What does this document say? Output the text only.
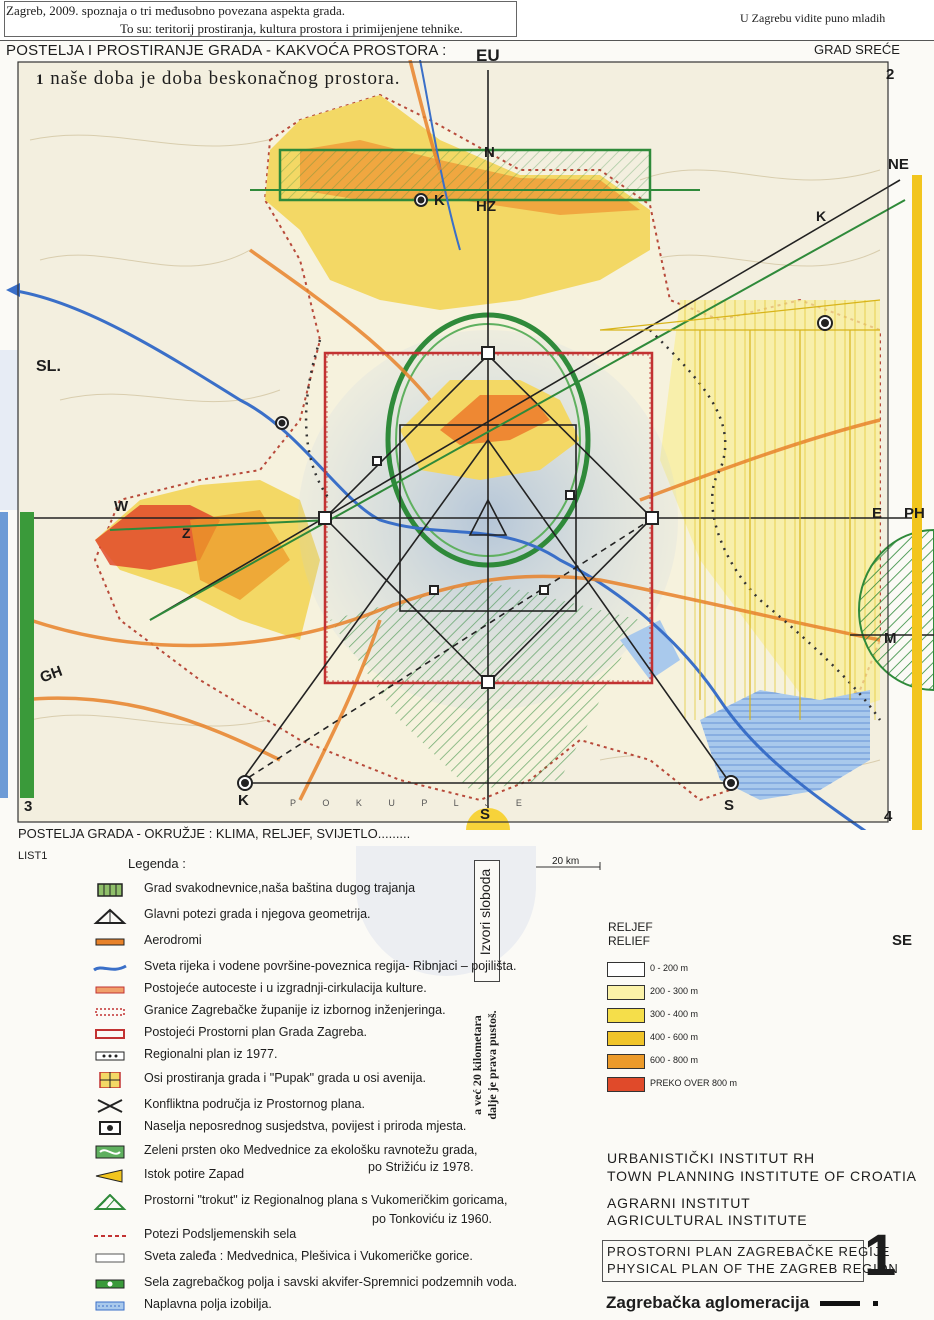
Zagreb, 2009. spoznaja o tri međusobno povezana aspekta grada.
To su: teritorij prostiranja, kultura prostora i primijenjene tehnike.
U Zagrebu vidite puno mladih
POSTELJA I PROSTIRANJE GRADA - KAKVOĆA PROSTORA :	GRAD SREĆE
1 naše doba je doba beskonačnog prostora.	2
3
4
EU
N
K HZ
NE
K
SL.
W
Z
E PH
M
GH
K
S
S
SE
P O K U P L J E
POSTELJA GRADA - OKRUŽJE : KLIMA, RELJEF, SVIJETLO.........
LIST1	20 km
Izvori sloboda
a već 20 kilometara dalje je prava pustoš.
Legenda :
Grad svakodnevnice,naša baština dugog trajanja
Glavni potezi grada i njegova geometrija.
Aerodromi
Sveta rijeka i vodene površine-poveznica regija- Ribnjaci – pojilišta.
Postojeće autoceste i u izgradnji-cirkulacija kulture.
Granice Zagrebačke županije iz izbornog inženjeringa.
Postojeći Prostorni plan Grada Zagreba.
Regionalni plan iz 1977.
Osi prostiranja grada i "Pupak" grada u osi avenija.
Konfliktna područja iz Prostornog plana.
Naselja neposrednog susjedstva, povijest i priroda mjesta.
Zeleni prsten oko Medvednice za ekološku ravnotežu grada,
Istok potire Zapad
Prostorni "trokut" iz Regionalnog plana s Vukomeričkim goricama,
Potezi Podsljemenskih sela
Sveta zaleđa : Medvednica, Plešivica i Vukomeričke gorice.
Sela zagrebačkog polja i savski akvifer-Spremnici podzemnih voda.
Naplavna polja izobilja.
po Strižiću iz 1978.
po Tonkoviću iz 1960.
RELJEF
RELIEF
0 - 200 m
200 - 300 m
300 - 400 m
400 - 600 m
600 - 800 m
PREKO OVER 800 m
URBANISTIČKI INSTITUT RH
TOWN PLANNING INSTITUTE OF CROATIA
AGRARNI INSTITUT
AGRICULTURAL INSTITUTE
PROSTORNI PLAN ZAGREBAČKE REGIJE
PHYSICAL PLAN OF THE ZAGREB REGION
1
Zagrebačka aglomeracija
